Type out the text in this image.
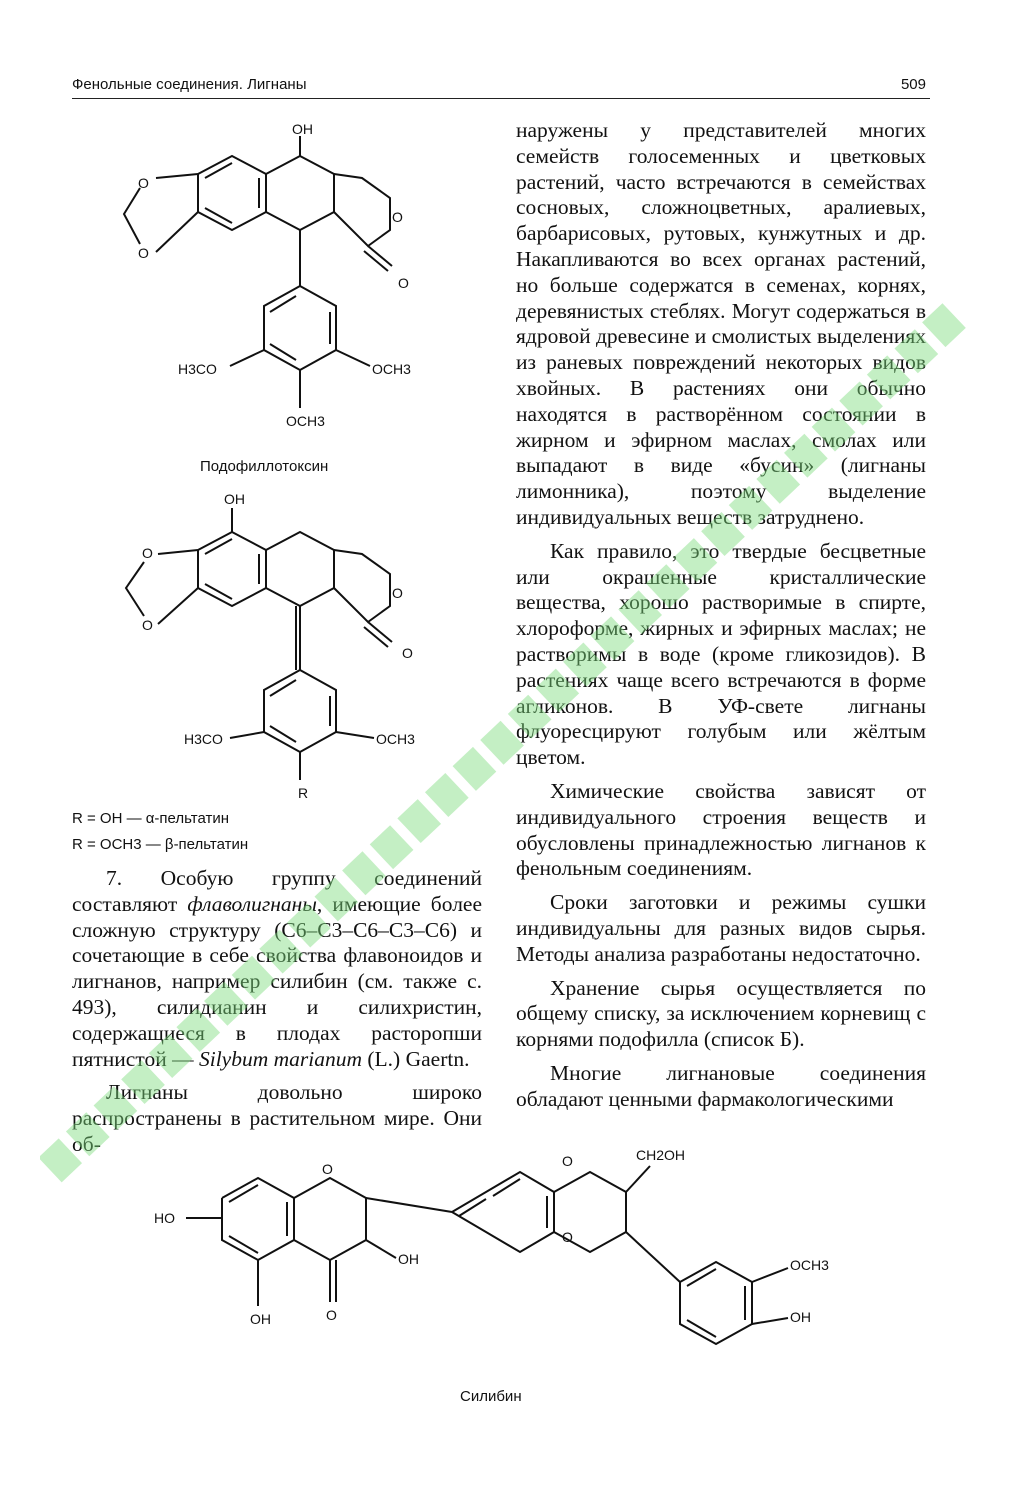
Фенольные соединения. Лигнаны	509
OH
O
O
O
O
H3CO	OCH3
OCH3
Подофиллотоксин
OH
O
O
O
O
H3CO	OCH3
R
R = OH — α-пельтатин
R = OCH3 — β-пельтатин

наружены у представителей многих семейств голосеменных и цветковых растений, часто встречаются в семействах сосновых, сложноцветных, аралиевых, барбарисовых, рутовых, кунжутных и др. Накапливаются во всех органах растений, но больше содержатся в семенах, корнях, деревянистых стеблях. Могут содержаться в ядровой древесине и смолистых выделениях из раневых повреждений некоторых видов хвойных. В растениях они обычно находятся в растворённом состоянии в жирном и эфирном маслах, смолах или выпадают в виде «бусин» (лигнаны лимонника), поэтому выделение индивидуальных веществ затруднено.

Как правило, это твердые бесцветные или окрашенные кристаллические вещества, хорошо растворимые в спирте, хлороформе, жирных и эфирных маслах; не растворимы в воде (кроме гликозидов). В растениях чаще всего встречаются в форме агликонов. В УФ-свете лигнаны флуоресцируют голубым или жёлтым цветом.

Химические свойства зависят от индивидуального строения веществ и обусловлены принадлежностью лигнанов к фенольным соединениям.

Сроки заготовки и режимы сушки индивидуальны для разных видов сырья. Методы анализа разработаны недостаточно.

Хранение сырья осуществляется по общему списку, за исключением корневищ с корнями подофилла (список Б).

Многие лигнановые соединения обладают ценными фармакологическими

7. Особую группу соединений составляют флаволигнаны, имеющие более сложную структуру (C6–C3–C6–C3–C6) и сочетающие в себе свойства флавоноидов и лигнанов, например силибин (см. также с. 493), силидианин и силихристин, содержащиеся в плодах расторопши пятнистой — Silybum marianum (L.) Gaertn.

Лигнаны довольно широко распространены в растительном мире. Они об-

HO
O
OH
O
OH
O
O
CH2OH
OCH3
OH
Силибин
